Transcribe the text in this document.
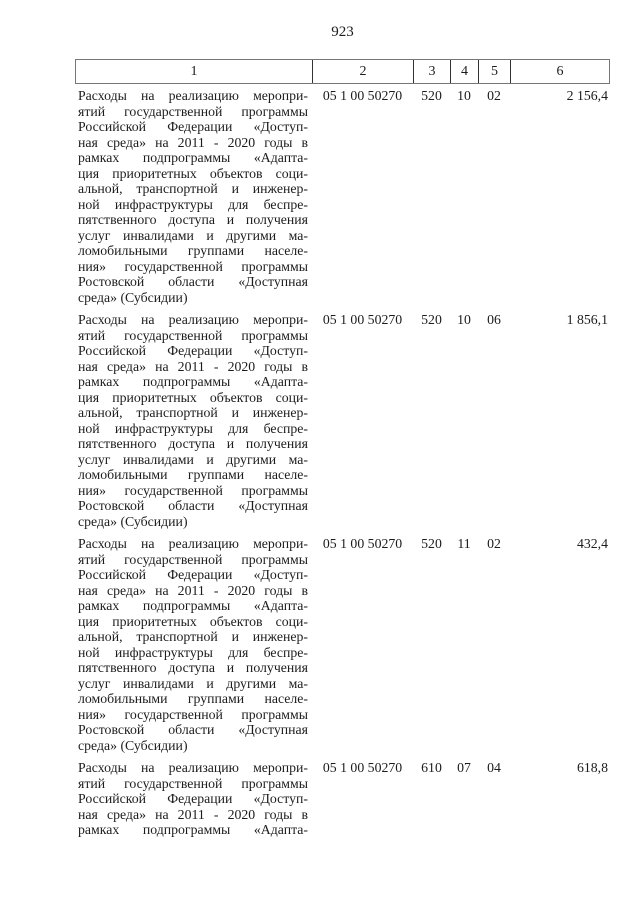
923
1	2	3	4	5	6
Расходы на реализацию меропри-
ятий государственной программы
Российской Федерации «Доступ-
ная среда» на 2011 - 2020 годы в
рамках подпрограммы «Адапта-
ция приоритетных объектов соци-
альной, транспортной и инженер-
ной инфраструктуры для беспре-
пятственного доступа и получения
услуг инвалидами и другими ма-
ломобильными группами населе-
ния» государственной программы
Ростовской области «Доступная
среда» (Субсидии)
05 1 00 50270	520	10	02	2 156,4
Расходы на реализацию меропри-
ятий государственной программы
Российской Федерации «Доступ-
ная среда» на 2011 - 2020 годы в
рамках подпрограммы «Адапта-
ция приоритетных объектов соци-
альной, транспортной и инженер-
ной инфраструктуры для беспре-
пятственного доступа и получения
услуг инвалидами и другими ма-
ломобильными группами населе-
ния» государственной программы
Ростовской области «Доступная
среда» (Субсидии)
05 1 00 50270	520	10	06	1 856,1
Расходы на реализацию меропри-
ятий государственной программы
Российской Федерации «Доступ-
ная среда» на 2011 - 2020 годы в
рамках подпрограммы «Адапта-
ция приоритетных объектов соци-
альной, транспортной и инженер-
ной инфраструктуры для беспре-
пятственного доступа и получения
услуг инвалидами и другими ма-
ломобильными группами населе-
ния» государственной программы
Ростовской области «Доступная
среда» (Субсидии)
05 1 00 50270	520	11	02	432,4
Расходы на реализацию меропри-
ятий государственной программы
Российской Федерации «Доступ-
ная среда» на 2011 - 2020 годы в
рамках подпрограммы «Адапта-
05 1 00 50270	610	07	04	618,8
